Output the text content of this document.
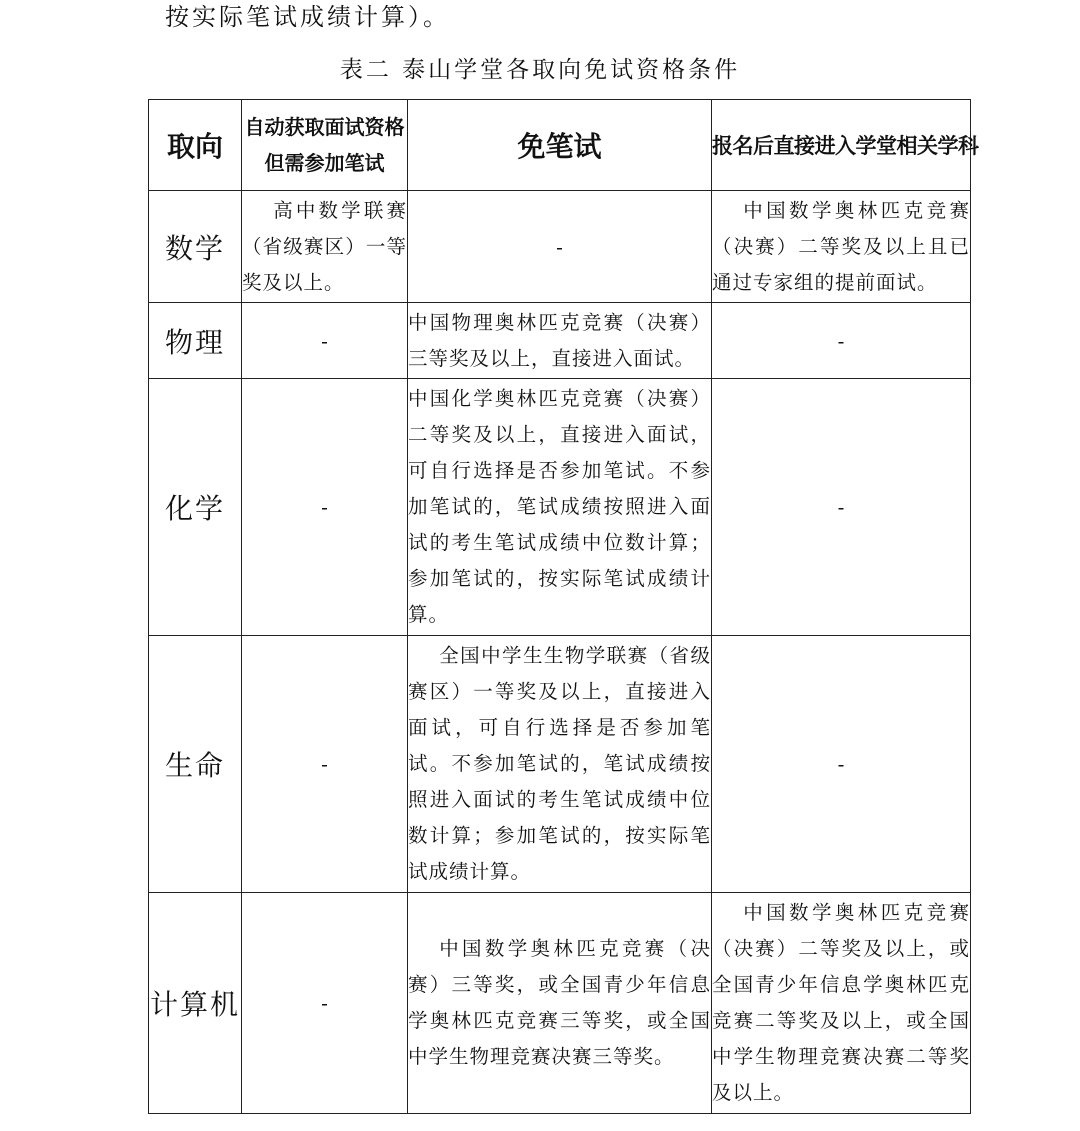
按实际笔试成绩计算）。
表二 泰山学堂各取向免试资格条件
取向	自动获取面试资格但需参加笔试	免笔试	报名后直接进入学堂相关学科
数学	高中数学联赛（省级赛区）一等奖及以上。	-	中国数学奥林匹克竞赛（决赛）二等奖及以上且已通过专家组的提前面试。
物理	-	中国物理奥林匹克竞赛（决赛）三等奖及以上，直接进入面试。	-
化学	-	中国化学奥林匹克竞赛（决赛）二等奖及以上，直接进入面试，可自行选择是否参加笔试。不参加笔试的，笔试成绩按照进入面试的考生笔试成绩中位数计算；参加笔试的，按实际笔试成绩计算。	-
生命	-	全国中学生生物学联赛（省级赛区）一等奖及以上，直接进入面试，可自行选择是否参加笔试。不参加笔试的，笔试成绩按照进入面试的考生笔试成绩中位数计算；参加笔试的，按实际笔试成绩计算。	-
计算机	-	中国数学奥林匹克竞赛（决赛）三等奖，或全国青少年信息学奥林匹克竞赛三等奖，或全国中学生物理竞赛决赛三等奖。	中国数学奥林匹克竞赛（决赛）二等奖及以上，或全国青少年信息学奥林匹克竞赛二等奖及以上，或全国中学生物理竞赛决赛二等奖及以上。
